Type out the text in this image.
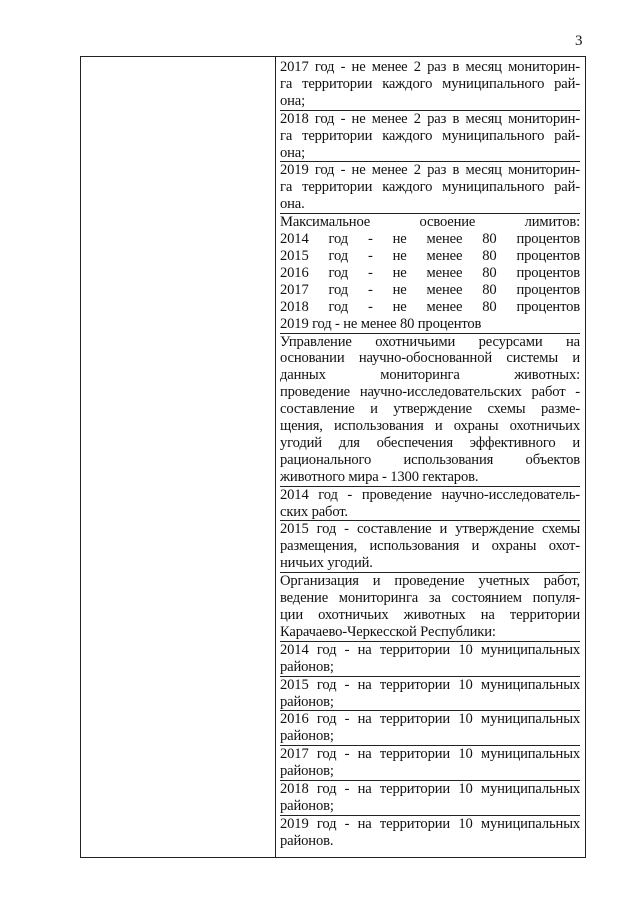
3
2017 год - не менее 2 раз в месяц мониторин-
га территории каждого муниципального рай-
она;
2018 год - не менее 2 раз в месяц мониторин-
га территории каждого муниципального рай-
она;
2019 год - не менее 2 раз в месяц мониторин-
га территории каждого муниципального рай-
она.
Максимальное освоение лимитов:
2014 год - не менее 80 процентов
2015 год - не менее 80 процентов
2016 год - не менее 80 процентов
2017 год - не менее 80 процентов
2018 год - не менее 80 процентов
2019 год - не менее 80 процентов
Управление охотничьими ресурсами на
основании научно-обоснованной системы и
данных мониторинга животных:
проведение научно-исследовательских работ -
составление и утверждение схемы разме-
щения, использования и охраны охотничьих
угодий для обеспечения эффективного и
рационального использования объектов
животного мира - 1300 гектаров.
2014 год - проведение научно-исследователь-
ских работ.
2015 год - составление и утверждение схемы
размещения, использования и охраны охот-
ничьих угодий.
Организация и проведение учетных работ,
ведение мониторинга за состоянием популя-
ции охотничьих животных на территории
Карачаево-Черкесской Республики:
2014 год - на территории 10 муниципальных
районов;
2015 год - на территории 10 муниципальных
районов;
2016 год - на территории 10 муниципальных
районов;
2017 год - на территории 10 муниципальных
районов;
2018 год - на территории 10 муниципальных
районов;
2019 год - на территории 10 муниципальных
районов.
